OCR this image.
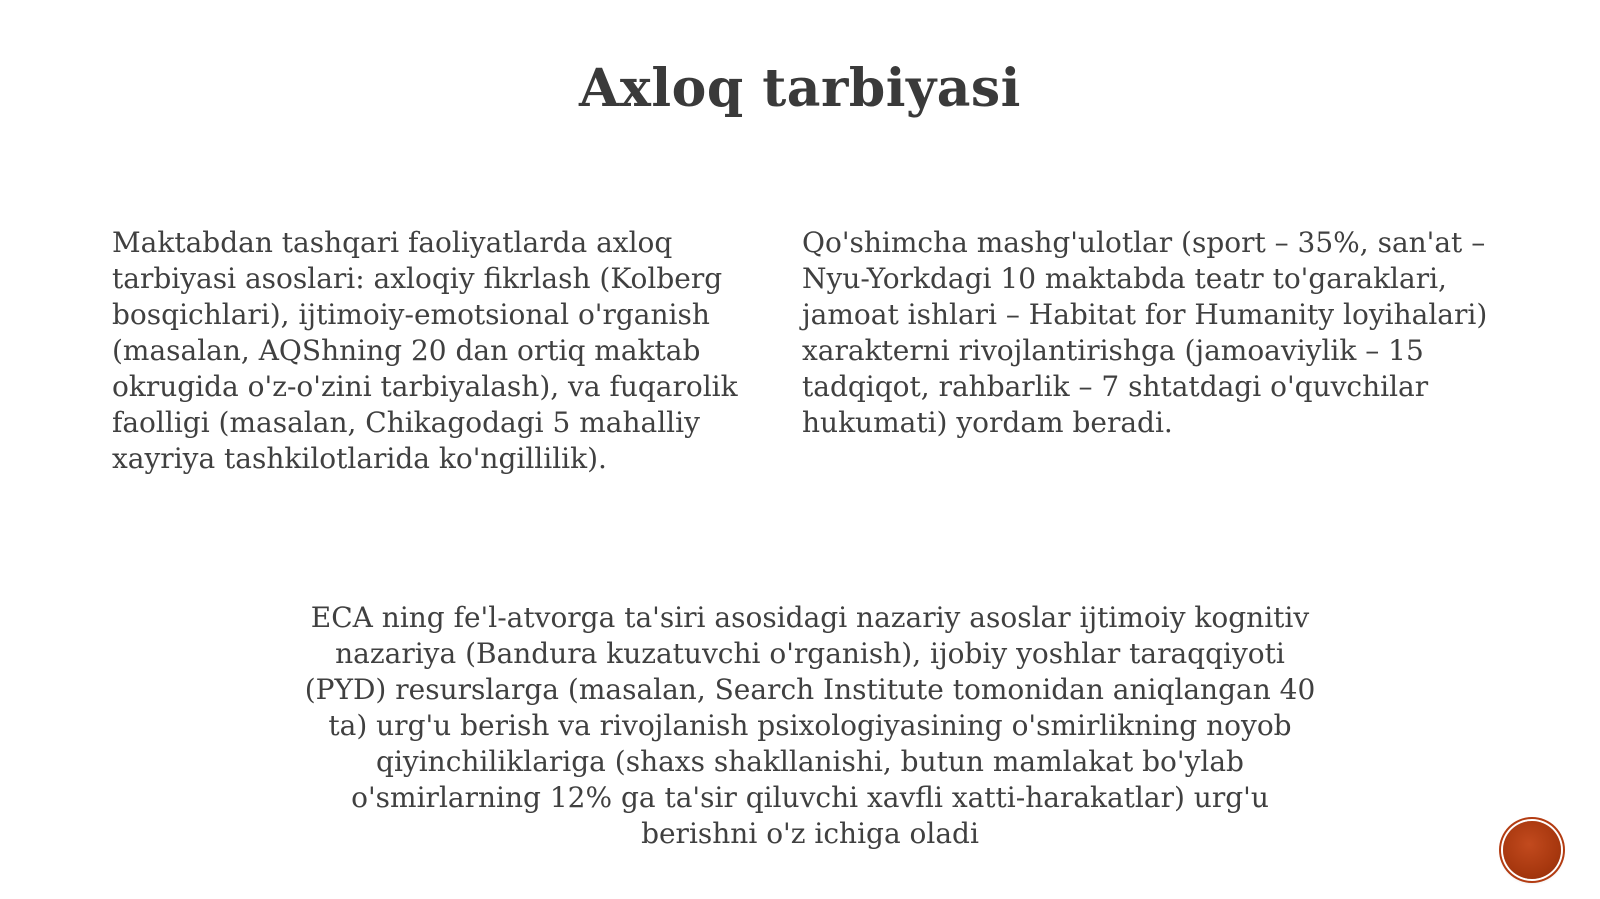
Axloq tarbiyasi
Maktabdan tashqari faoliyatlarda axloq tarbiyasi asoslari: axloqiy fikrlash (Kolberg bosqichlari), ijtimoiy-emotsional o'rganish (masalan, AQShning 20 dan ortiq maktab okrugida o'z-o'zini tarbiyalash), va fuqarolik faolligi (masalan, Chikagodagi 5 mahalliy xayriya tashkilotlarida ko'ngillilik).
Qo'shimcha mashg'ulotlar (sport – 35%, san'at – Nyu-Yorkdagi 10 maktabda teatr to'garaklari, jamoat ishlari – Habitat for Humanity loyihalari) xarakterni rivojlantirishga (jamoaviylik – 15 tadqiqot, rahbarlik – 7 shtatdagi o'quvchilar hukumati) yordam beradi.
ECA ning fe'l-atvorga ta'siri asosidagi nazariy asoslar ijtimoiy kognitiv nazariya (Bandura kuzatuvchi o'rganish), ijobiy yoshlar taraqqiyoti (PYD) resurslarga (masalan, Search Institute tomonidan aniqlangan 40 ta) urg'u berish va rivojlanish psixologiyasining o'smirlikning noyob qiyinchiliklariga (shaxs shakllanishi, butun mamlakat bo'ylab o'smirlarning 12% ga ta'sir qiluvchi xavfli xatti-harakatlar) urg'u berishni o'z ichiga oladi
